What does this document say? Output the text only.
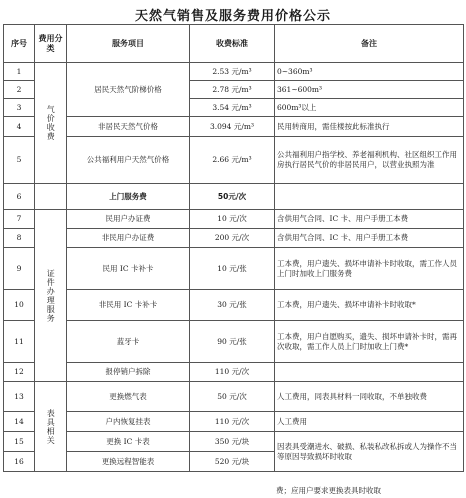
天然气销售及服务费用价格公示
序号	费用分类	服务项目	收费标准	备注
1	气价收费	居民天然气阶梯价格	2.53 元/m³	0~360m³
2			2.78 元/m³	361~600m³
3			3.54 元/m³	600m³以上
4		非居民天然气价格	3.094 元/m³	民用转商用，需佳楼按此标准执行
5		公共福利用户天然气价格	2.66 元/m³	公共福利用户指学校、养老福利机构、社区组织工作用房执行居民气价的非居民用户，以营业执照为准
6		上门服务费	50元/次	
7	证件办理服务	民用户办证费	10 元/次	含供用气合同、IC 卡、用户手册工本费
8		非民用户办证费	200 元/次	含供用气合同、IC 卡、用户手册工本费
9		民用 IC 卡补卡	10 元/张	工本费，用户遗失、损坏申请补卡时收取，需工作人员上门时加收上门服务费
10		非民用 IC 卡补卡	30 元/张	工本费，用户遗失、损坏申请补卡时收取*
11		蓝牙卡	90 元/张	工本费，用户自愿购买，遗失、损坏申请补卡时，需再次收取，需工作人员上门时加收上门费*
12		报停销户拆除	110 元/次	
13	表具相关	更换燃气表	50 元/次	人工费用，同表具材料一同收取，不单独收费
14		户内恢复挂表	110 元/次	人工费用
15		更换 IC 卡表	350 元/块	因表具受潮进水、破损、私装私改私拆或人为操作不当等原因导致损坏时收取
16		更换远程智能表	520 元/块	
费；应用户要求更换表具时收取
